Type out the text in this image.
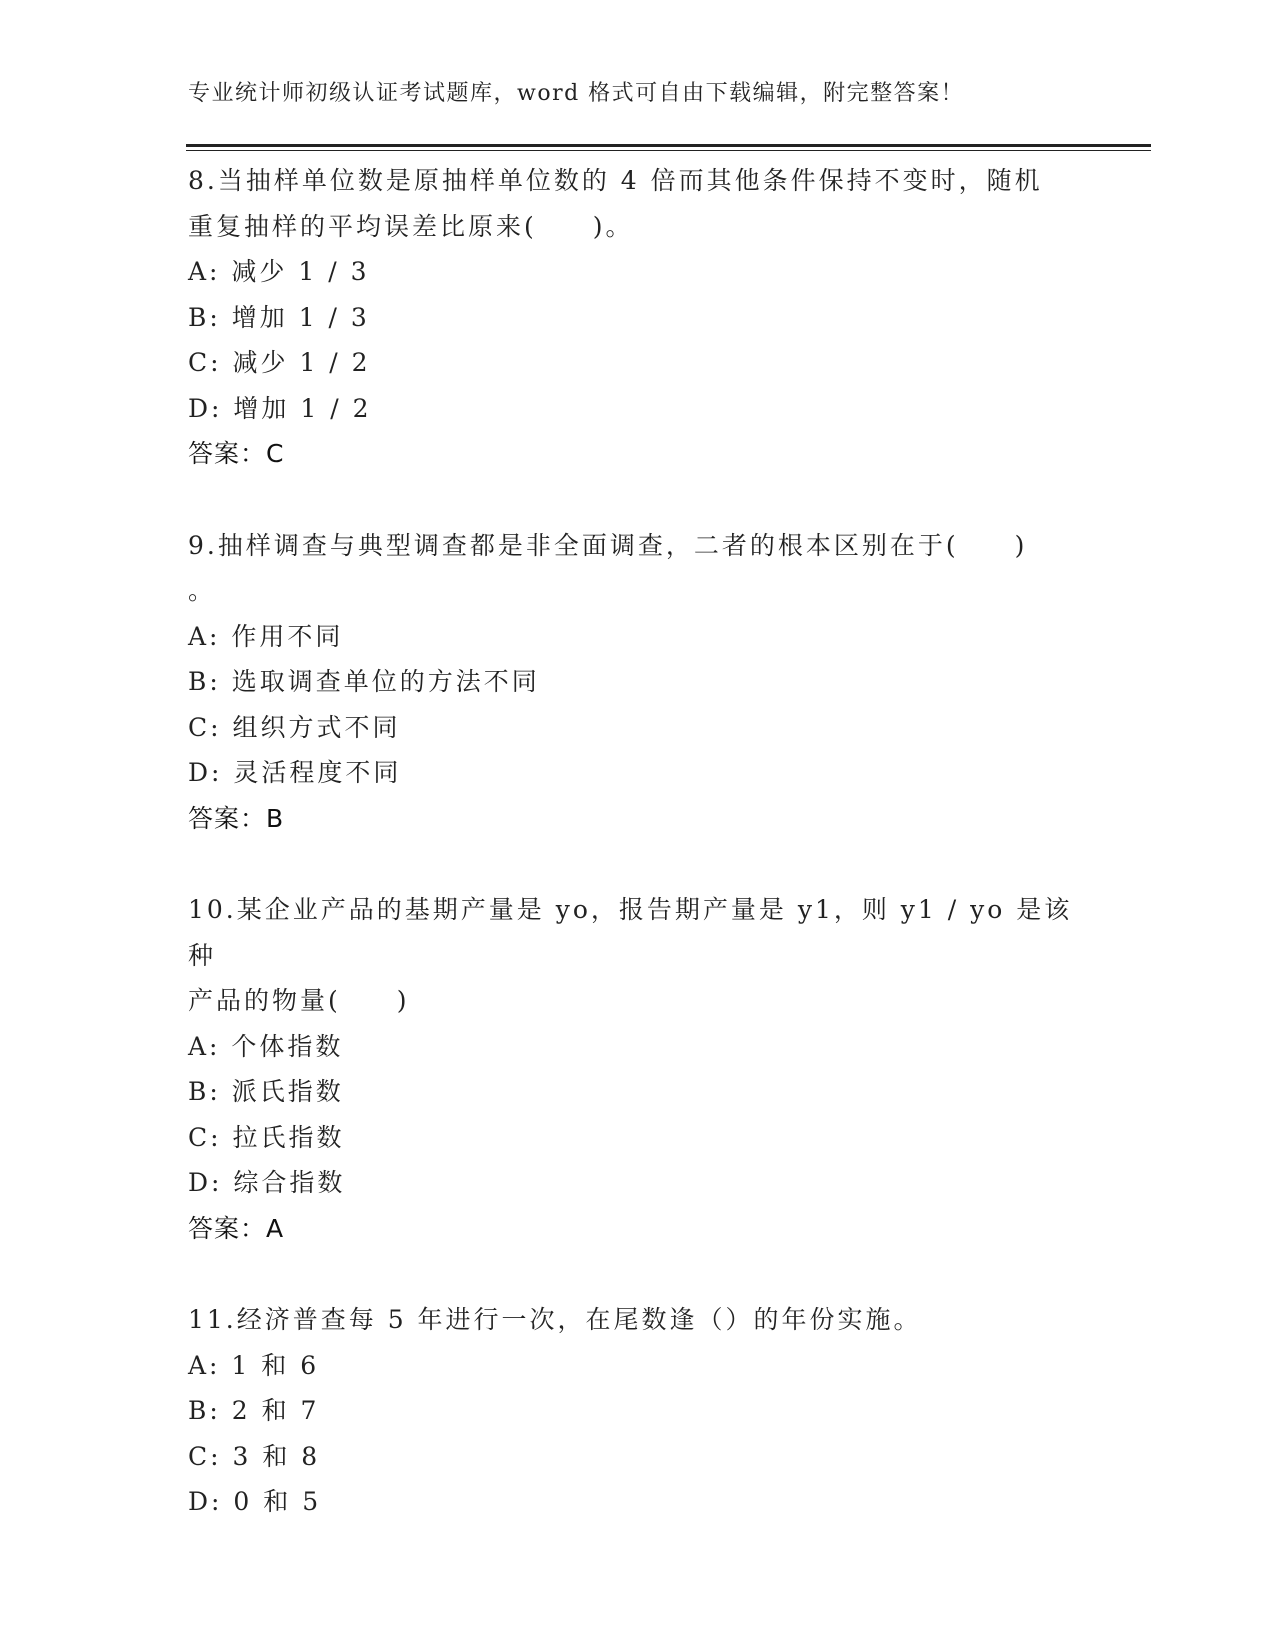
专业统计师初级认证考试题库，word 格式可自由下载编辑，附完整答案！
8.当抽样单位数是原抽样单位数的 4 倍而其他条件保持不变时，随机
重复抽样的平均误差比原来(　　)。
A: 减少 1 / 3
B: 增加 1 / 3
C: 减少 1 / 2
D: 增加 1 / 2
答案：C
9.抽样调查与典型调查都是非全面调查，二者的根本区别在于(　　)
。
A: 作用不同
B: 选取调查单位的方法不同
C: 组织方式不同
D: 灵活程度不同
答案：B
10.某企业产品的基期产量是 yo，报告期产量是 y1，则 y1 / yo 是该种
产品的物量(　　)
A: 个体指数
B: 派氏指数
C: 拉氏指数
D: 综合指数
答案：A
11.经济普查每 5 年进行一次，在尾数逢（）的年份实施。
A: 1 和 6
B: 2 和 7
C: 3 和 8
D: 0 和 5
